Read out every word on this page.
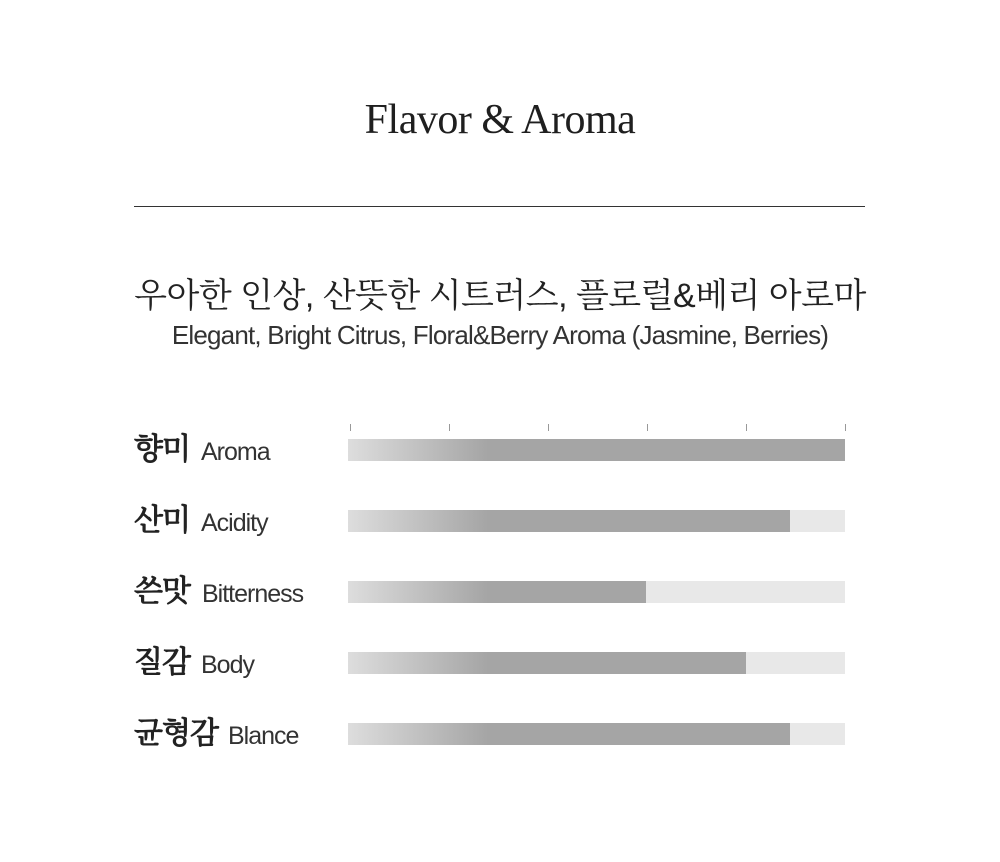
Flavor & Aroma
우아한 인상, 산뜻한 시트러스, 플로럴&베리 아로마
Elegant, Bright Citrus, Floral&Berry Aroma (Jasmine, Berries)
향미 Aroma
산미 Acidity
쓴맛 Bitterness
질감 Body
균형감 Blance
